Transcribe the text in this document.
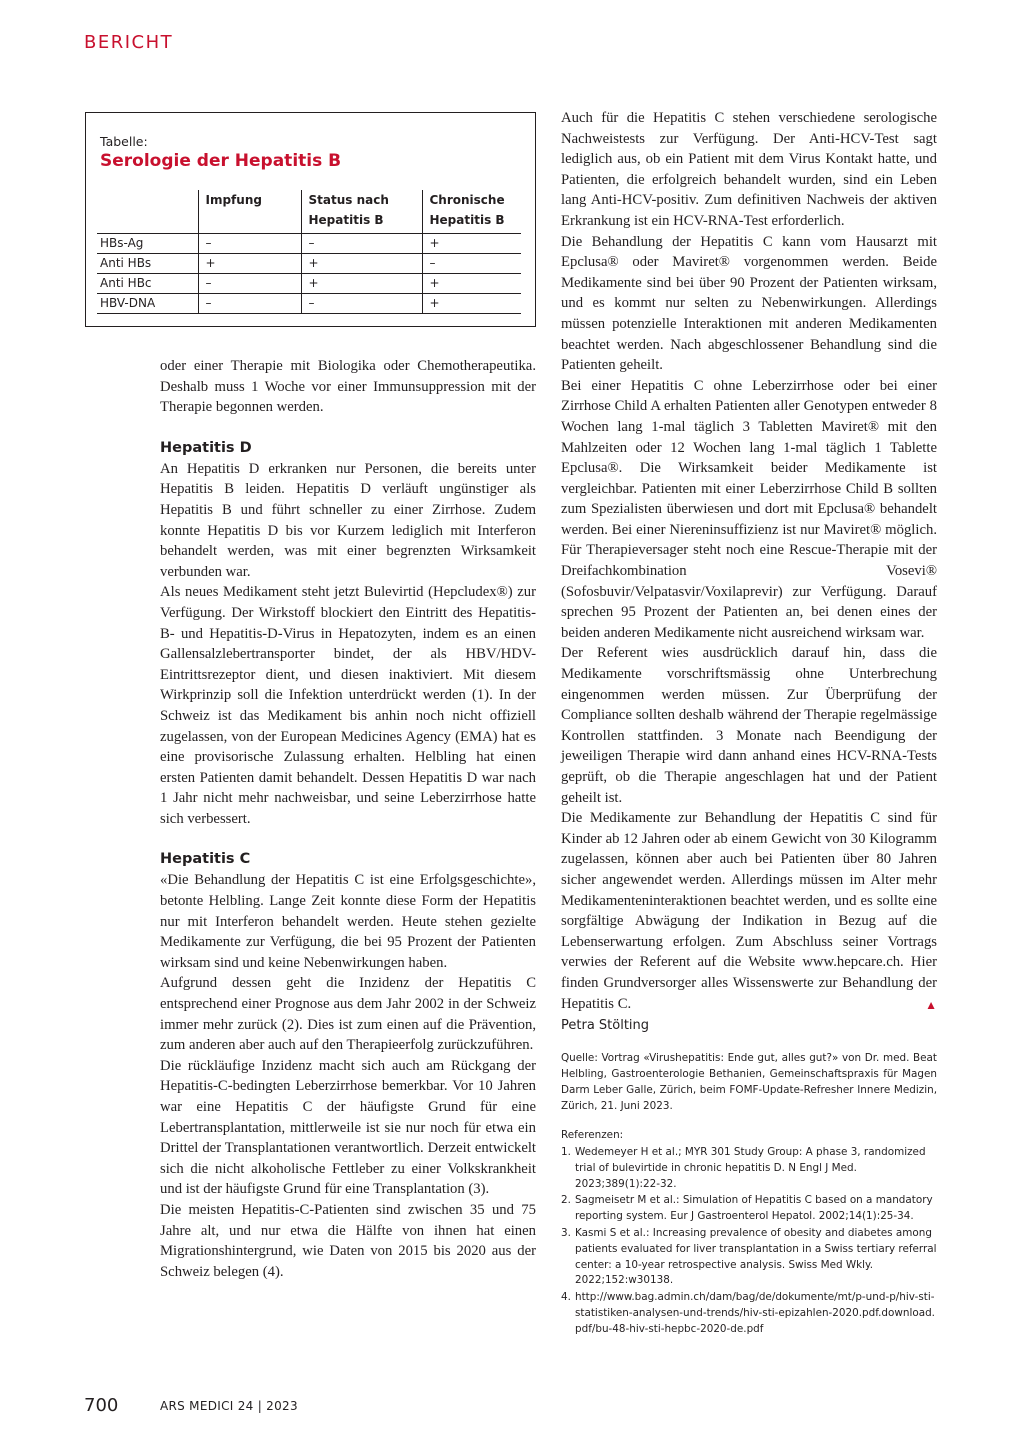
BERICHT
Tabelle:
Serologie der Hepatitis B
	Impfung	Status nach Hepatitis B	Chronische Hepatitis B
HBs-Ag	–	–	+
Anti HBs	+	+	–
Anti HBc	–	+	+
HBV-DNA	–	–	+

oder einer Therapie mit Biologika oder Chemotherapeutika. Deshalb muss 1 Woche vor einer Immunsuppression mit der Therapie begonnen werden.

Hepatitis D

An Hepatitis D erkranken nur Personen, die bereits unter Hepatitis B leiden. Hepatitis D verläuft ungünstiger als Hepatitis B und führt schneller zu einer Zirrhose. Zudem konnte Hepatitis D bis vor Kurzem lediglich mit Interferon behandelt werden, was mit einer begrenzten Wirksamkeit verbunden war.

Als neues Medikament steht jetzt Bulevirtid (Hepcludex®) zur Verfügung. Der Wirkstoff blockiert den Eintritt des Hepatitis-B- und Hepatitis-D-Virus in Hepatozyten, indem es an einen Gallensalzlebertransporter bindet, der als HBV/HDV-Eintrittsrezeptor dient, und diesen inaktiviert. Mit diesem Wirkprinzip soll die Infektion unterdrückt werden (1). In der Schweiz ist das Medikament bis anhin noch nicht offiziell zugelassen, von der European Medicines Agency (EMA) hat es eine provisorische Zulassung erhalten. Helbling hat einen ersten Patienten damit behandelt. Dessen Hepatitis D war nach 1 Jahr nicht mehr nachweisbar, und seine Leberzirrhose hatte sich verbessert.

Hepatitis C

«Die Behandlung der Hepatitis C ist eine Erfolgsgeschichte», betonte Helbling. Lange Zeit konnte diese Form der Hepatitis nur mit Interferon behandelt werden. Heute stehen gezielte Medikamente zur Verfügung, die bei 95 Prozent der Patienten wirksam sind und keine Nebenwirkungen haben.

Aufgrund dessen geht die Inzidenz der Hepatitis C entsprechend einer Prognose aus dem Jahr 2002 in der Schweiz immer mehr zurück (2). Dies ist zum einen auf die Prävention, zum anderen aber auch auf den Therapieerfolg zurückzuführen.

Die rückläufige Inzidenz macht sich auch am Rückgang der Hepatitis-C-bedingten Leberzirrhose bemerkbar. Vor 10 Jahren war eine Hepatitis C der häufigste Grund für eine Lebertransplantation, mittlerweile ist sie nur noch für etwa ein Drittel der Transplantationen verantwortlich. Derzeit entwickelt sich die nicht alkoholische Fettleber zu einer Volkskrankheit und ist der häufigste Grund für eine Transplantation (3).

Die meisten Hepatitis-C-Patienten sind zwischen 35 und 75 Jahre alt, und nur etwa die Hälfte von ihnen hat einen Migrationshintergrund, wie Daten von 2015 bis 2020 aus der Schweiz belegen (4).

Auch für die Hepatitis C stehen verschiedene serologische Nachweistests zur Verfügung. Der Anti-HCV-Test sagt lediglich aus, ob ein Patient mit dem Virus Kontakt hatte, und Patienten, die erfolgreich behandelt wurden, sind ein Leben lang Anti-HCV-positiv. Zum definitiven Nachweis der aktiven Erkrankung ist ein HCV-RNA-Test erforderlich.

Die Behandlung der Hepatitis C kann vom Hausarzt mit Epclusa® oder Maviret® vorgenommen werden. Beide Medikamente sind bei über 90 Prozent der Patienten wirksam, und es kommt nur selten zu Nebenwirkungen. Allerdings müssen potenzielle Interaktionen mit anderen Medikamenten beachtet werden. Nach abgeschlossener Behandlung sind die Patienten geheilt.

Bei einer Hepatitis C ohne Leberzirrhose oder bei einer Zirrhose Child A erhalten Patienten aller Genotypen entweder 8 Wochen lang 1-mal täglich 3 Tabletten Maviret® mit den Mahlzeiten oder 12 Wochen lang 1-mal täglich 1 Tablette Epclusa®. Die Wirksamkeit beider Medikamente ist vergleichbar. Patienten mit einer Leberzirrhose Child B sollten zum Spezialisten überwiesen und dort mit Epclusa® behandelt werden. Bei einer Niereninsuffizienz ist nur Maviret® möglich. Für Therapieversager steht noch eine Rescue-Therapie mit der Dreifachkombination Vosevi® (Sofosbuvir/Velpatasvir/Voxilaprevir) zur Verfügung. Darauf sprechen 95 Prozent der Patienten an, bei denen eines der beiden anderen Medikamente nicht ausreichend wirksam war.

Der Referent wies ausdrücklich darauf hin, dass die Medikamente vorschriftsmässig ohne Unterbrechung eingenommen werden müssen. Zur Überprüfung der Compliance sollten deshalb während der Therapie regelmässige Kontrollen stattfinden. 3 Monate nach Beendigung der jeweiligen Therapie wird dann anhand eines HCV-RNA-Tests geprüft, ob die Therapie angeschlagen hat und der Patient geheilt ist.

Die Medikamente zur Behandlung der Hepatitis C sind für Kinder ab 12 Jahren oder ab einem Gewicht von 30 Kilogramm zugelassen, können aber auch bei Patienten über 80 Jahren sicher angewendet werden. Allerdings müssen im Alter mehr Medikamenteninteraktionen beachtet werden, und es sollte eine sorgfältige Abwägung der Indikation in Bezug auf die Lebenserwartung erfolgen. Zum Abschluss seiner Vortrags verwies der Referent auf die Website www.hepcare.ch. Hier finden Grundversorger alles Wissenswerte zur Behandlung der Hepatitis C.	▲

Petra Stölting
Quelle: Vortrag «Virushepatitis: Ende gut, alles gut?» von Dr. med. Beat Helbling, Gastroenterologie Bethanien, Gemeinschaftspraxis für Magen Darm Leber Galle, Zürich, beim FOMF-Update-Refresher Innere Medizin, Zürich, 21. Juni 2023.
Referenzen:
1. Wedemeyer H et al.; MYR 301 Study Group: A phase 3, randomized trial of bulevirtide in chronic hepatitis D. N Engl J Med. 2023;389(1):22-32.
2. Sagmeisetr M et al.: Simulation of Hepatitis C based on a mandatory reporting system. Eur J Gastroenterol Hepatol. 2002;14(1):25-34.
3. Kasmi S et al.: Increasing prevalence of obesity and diabetes among patients evaluated for liver transplantation in a Swiss tertiary referral center: a 10-year retrospective analysis. Swiss Med Wkly. 2022;152:w30138.
4. http://www.bag.admin.ch/dam/bag/de/dokumente/mt/p-und-p/hiv-sti-statistiken-analysen-und-trends/hiv-sti-epizahlen-2020.pdf.download.pdf/bu-48-hiv-sti-hepbc-2020-de.pdf
700	ARS MEDICI 24 | 2023
